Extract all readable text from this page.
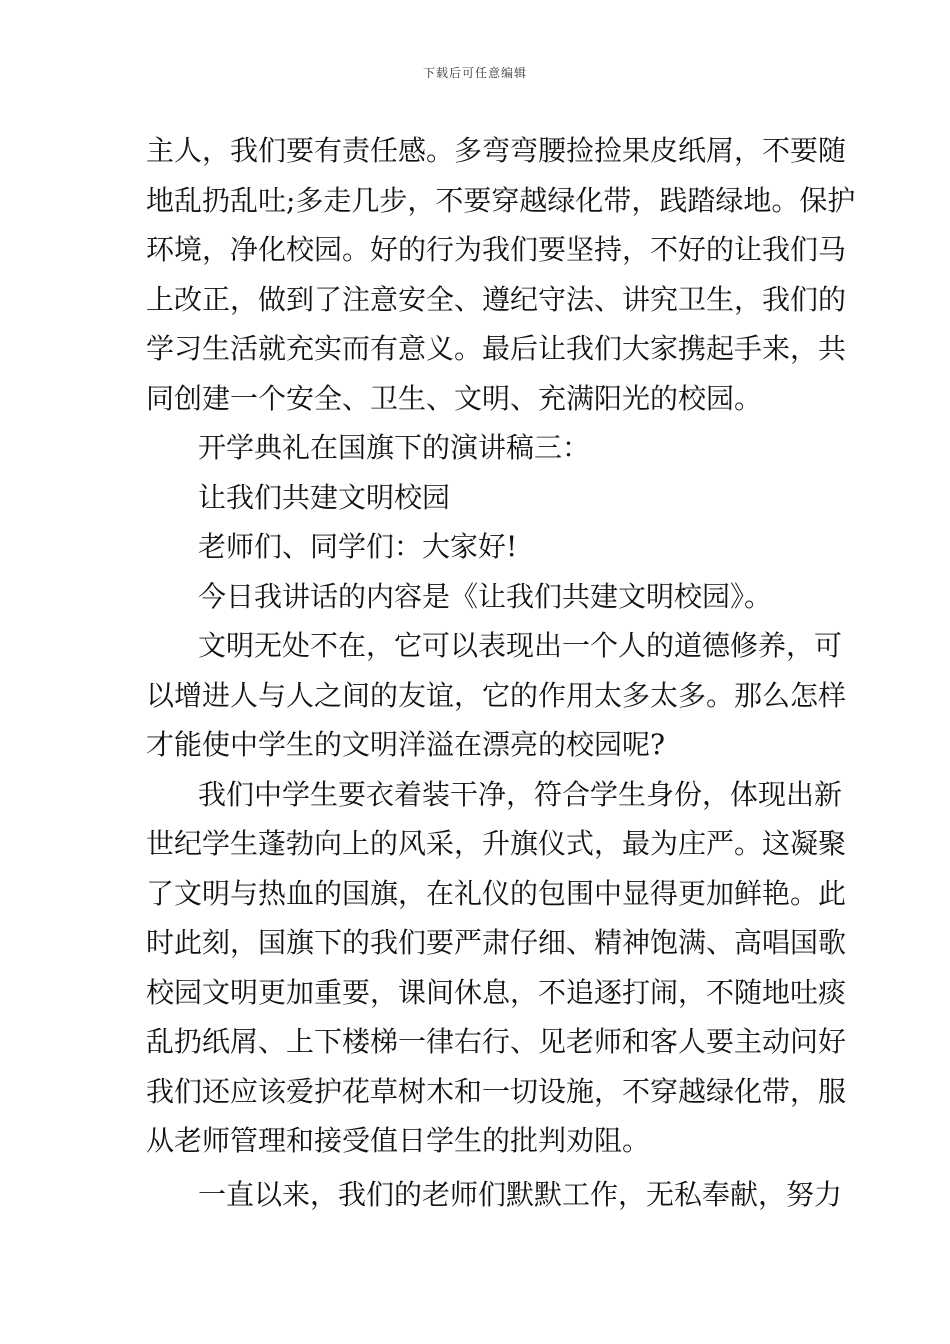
下载后可任意编辑
主人，我们要有责任感。多弯弯腰捡捡果皮纸屑，不要随
地乱扔乱吐;多走几步，不要穿越绿化带，践踏绿地。保护
环境，净化校园。好的行为我们要坚持，不好的让我们马
上改正，做到了注意安全、遵纪守法、讲究卫生，我们的
学习生活就充实而有意义。最后让我们大家携起手来，共
同创建一个安全、卫生、文明、充满阳光的校园。
开学典礼在国旗下的演讲稿三：
让我们共建文明校园
老师们、同学们：大家好!
今日我讲话的内容是《让我们共建文明校园》。
文明无处不在，它可以表现出一个人的道德修养，可
以增进人与人之间的友谊，它的作用太多太多。那么怎样
才能使中学生的文明洋溢在漂亮的校园呢?
我们中学生要衣着装干净，符合学生身份，体现出新
世纪学生蓬勃向上的风采，升旗仪式，最为庄严。这凝聚
了文明与热血的国旗，在礼仪的包围中显得更加鲜艳。此
时此刻，国旗下的我们要严肃仔细、精神饱满、高唱国歌
校园文明更加重要，课间休息，不追逐打闹，不随地吐痰
乱扔纸屑、上下楼梯一律右行、见老师和客人要主动问好
我们还应该爱护花草树木和一切设施，不穿越绿化带，服
从老师管理和接受值日学生的批判劝阻。
一直以来，我们的老师们默默工作，无私奉献，努力
